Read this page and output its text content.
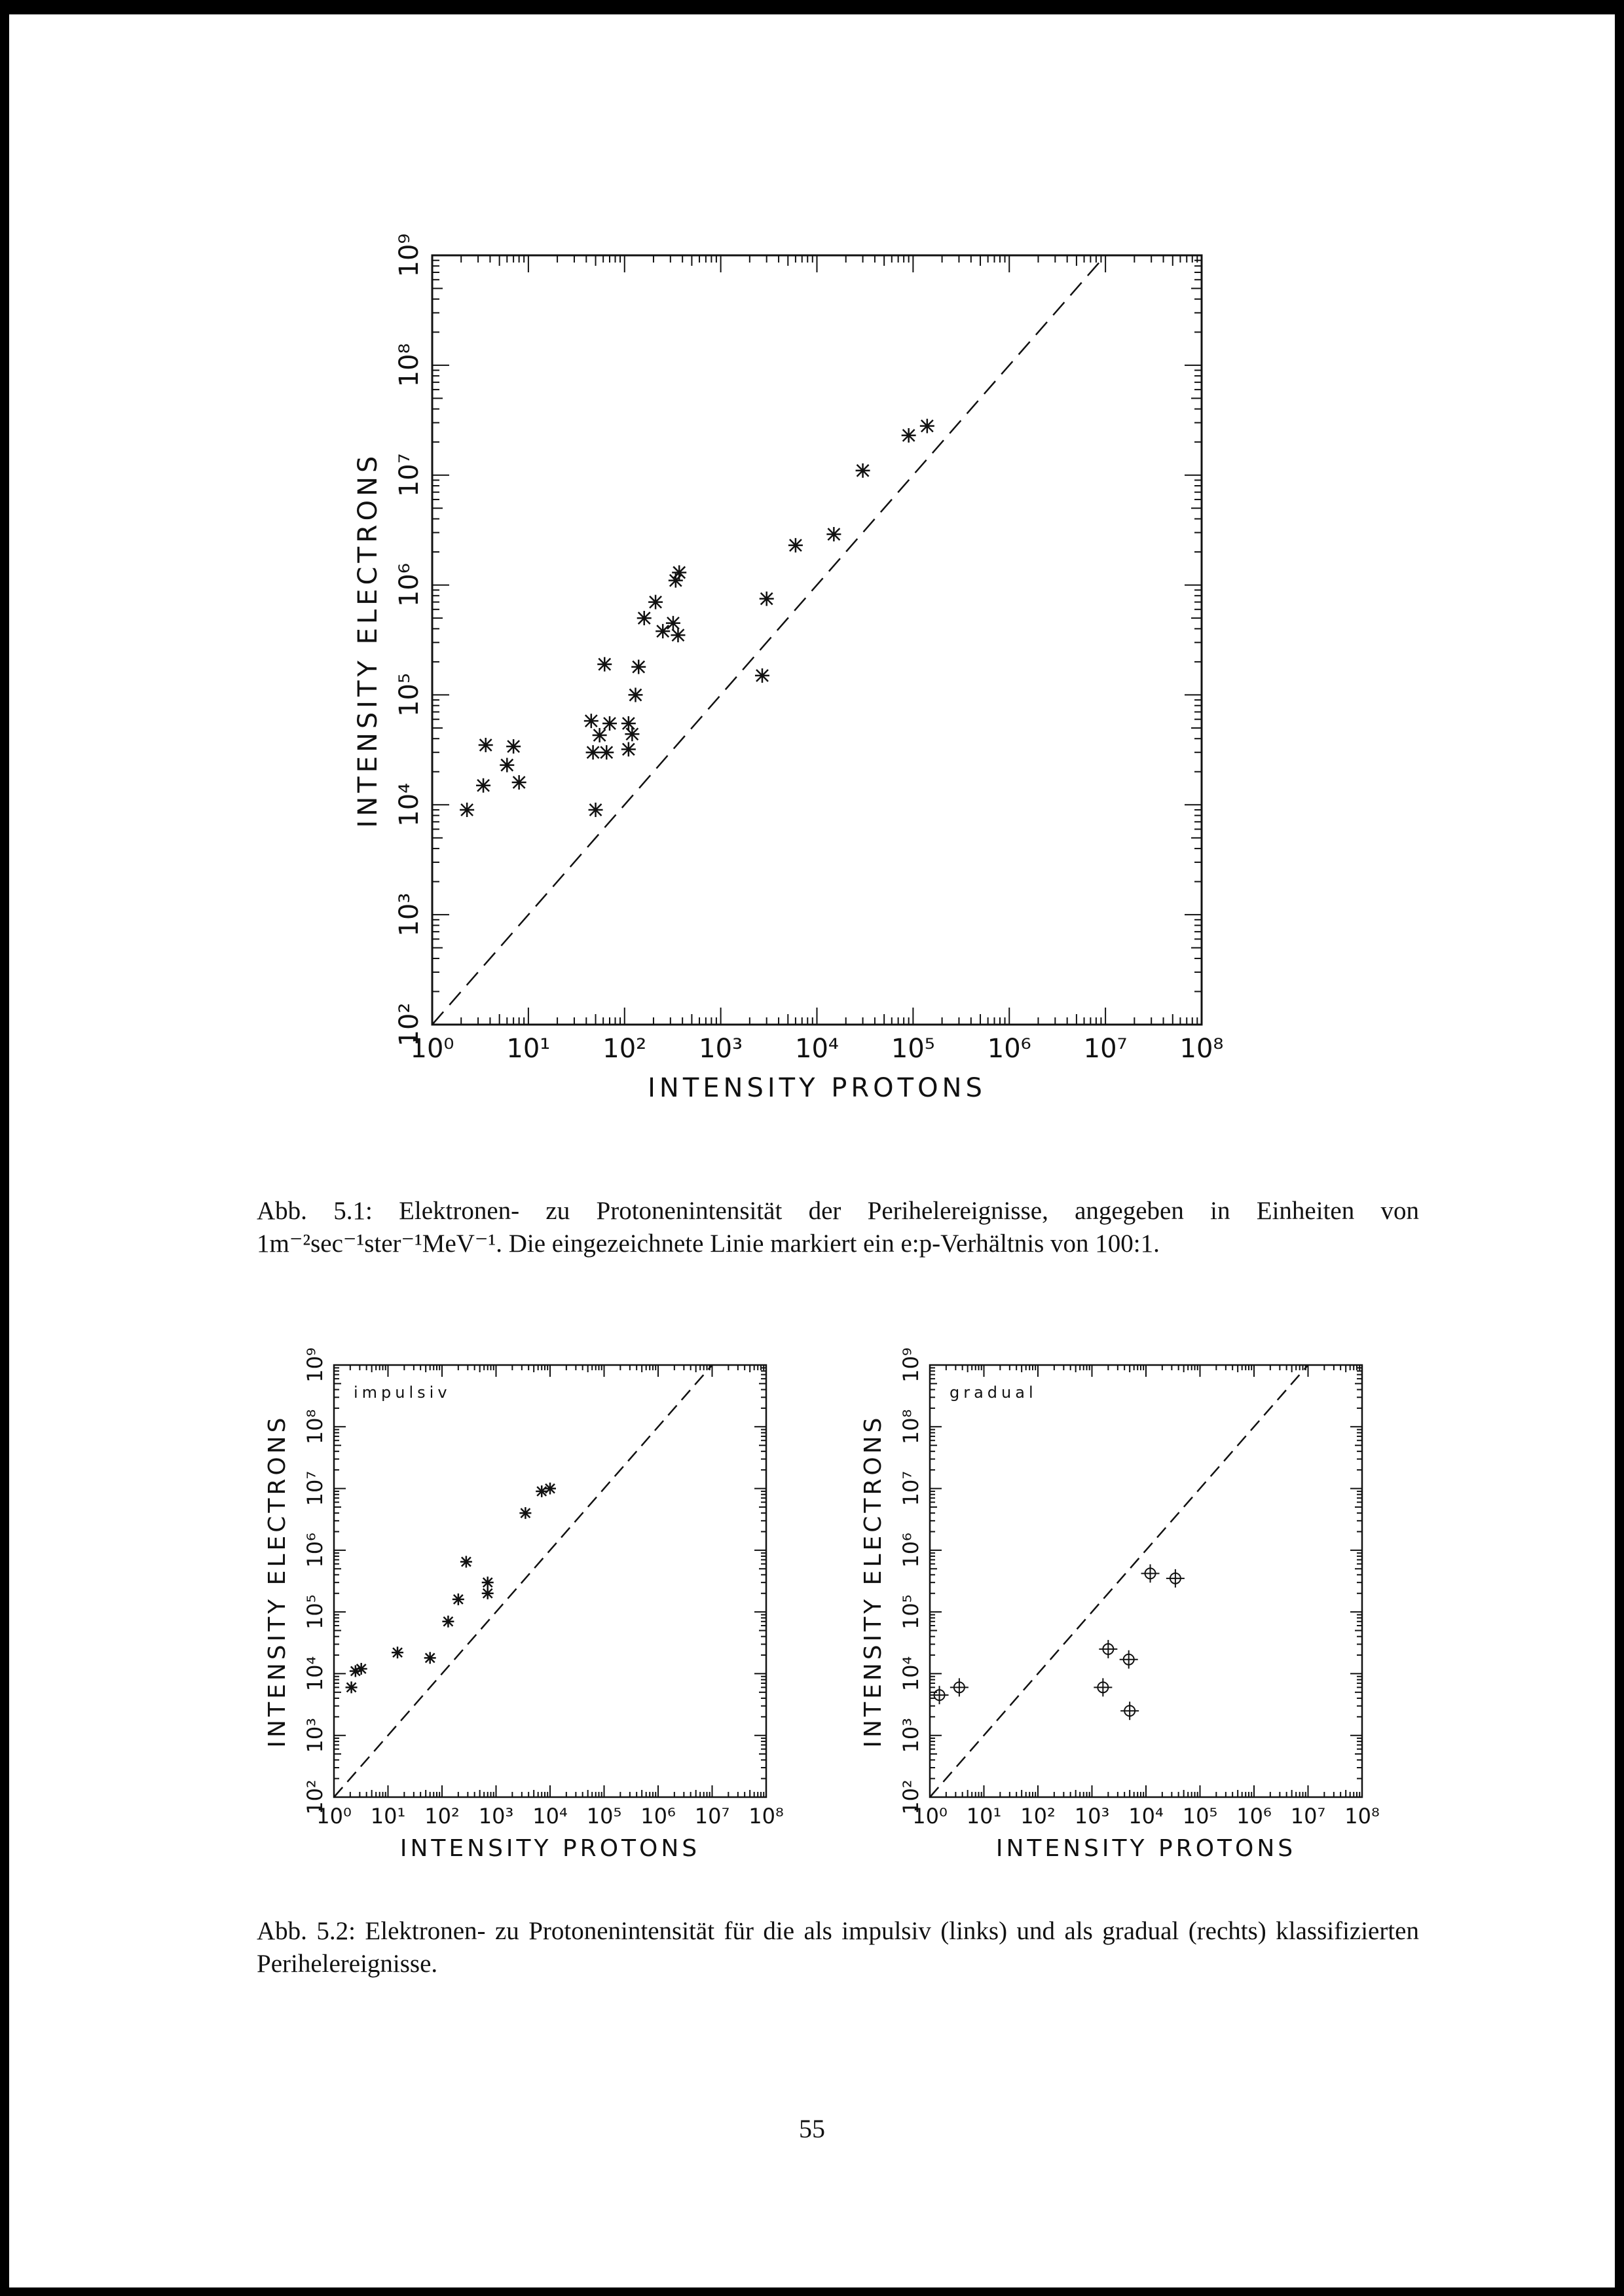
10⁰ 10¹ 10² 10³ 10⁴ 10⁵ 10⁶ 10⁷ 10⁸
10²
10³
10⁴
10⁵
10⁶
10⁷
10⁸
10⁹
INTENSITY PROTONS
INTENSITY ELECTRONS
Abb. 5.1: Elektronen- zu Protonenintensität der Perihelereignisse, angegeben in Einheiten von 1m⁻²sec⁻¹ster⁻¹MeV⁻¹. Die eingezeichnete Linie markiert ein e:p-Verhältnis von 100:1.
10⁰ 10¹ 10² 10³ 10⁴ 10⁵ 10⁶ 10⁷ 10⁸
10²
10³
10⁴
10⁵
10⁶
10⁷
10⁸
10⁹
INTENSITY PROTONS
INTENSITY ELECTRONS
impulsiv
10⁰ 10¹ 10² 10³ 10⁴ 10⁵ 10⁶ 10⁷ 10⁸
10²
10³
10⁴
10⁵
10⁶
10⁷
10⁸
10⁹
INTENSITY PROTONS
INTENSITY ELECTRONS
gradual
Abb. 5.2: Elektronen- zu Protonenintensität für die als impulsiv (links) und als gradual (rechts) klassifizierten Perihelereignisse.
55
